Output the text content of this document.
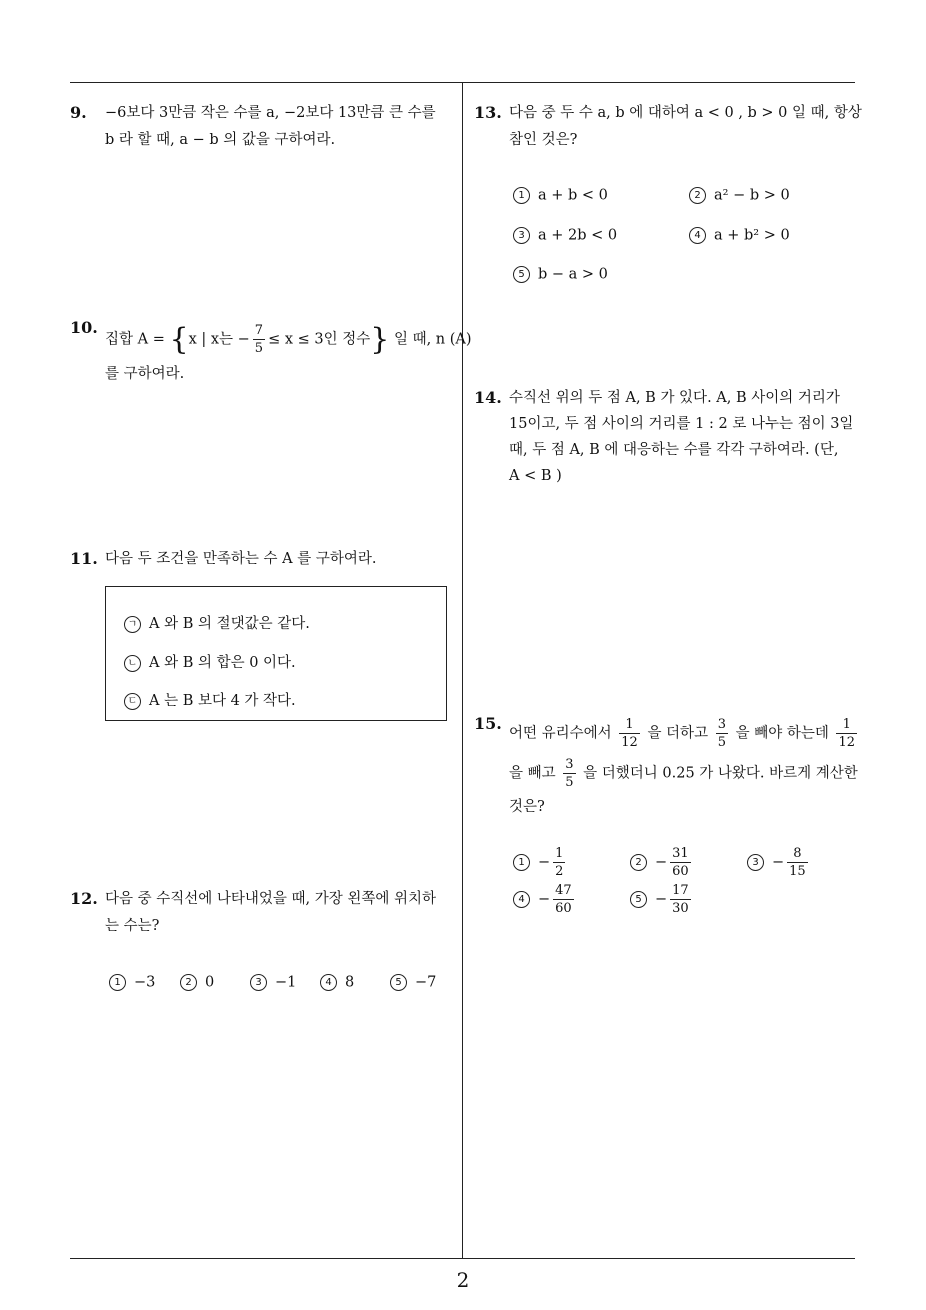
9. −6보다 3만큼 작은 수를 a, −2보다 13만큼 큰 수를
b 라 할 때, a − b 의 값을 구하여라.
10.
집합 A = {x | x는 − $\frac{7}{5} \le x \le 3$인 정수} 일 때, n (A)
를 구하여라.
11. 다음 두 조건을 만족하는 수 A 를 구하여라.
ㄱ A 와 B 의 절댓값은 같다.
ㄴ A 와 B 의 합은 0 이다.
ㄷ A 는 B 보다 4 가 작다.
12. 다음 중 수직선에 나타내었을 때, 가장 왼쪽에 위치하
는 수는?
1 −3	2 0	3 −1	4 8	5 −7
13. 다음 중 두 수 a, b 에 대하여 a < 0 , b > 0 일 때, 항상
참인 것은?
1 a + b < 0	2 a² − b > 0
3 a + 2b < 0	4 a + b² > 0
5 b − a > 0
14. 수직선 위의 두 점 A, B 가 있다. A, B 사이의 거리가
15이고, 두 점 사이의 거리를 1 : 2 로 나누는 점이 3일
때, 두 점 A, B 에 대응하는 수를 각각 구하여라. (단,
A < B )
15.
어떤 유리수에서 $\frac{1}{12}$ 을 더하고 $\frac{3}{5}$ 을 빼야 하는데 $\frac{1}{12}$
을 빼고 $\frac{3}{5}$ 을 더했더니 0.25 가 나왔다. 바르게 계산한
것은?
$1 - \frac{1}{2}$	$2 - \frac{31}{60}$	$3 - \frac{8}{15}$
$4 - \frac{47}{60}$	$5 - \frac{17}{30}$
2
